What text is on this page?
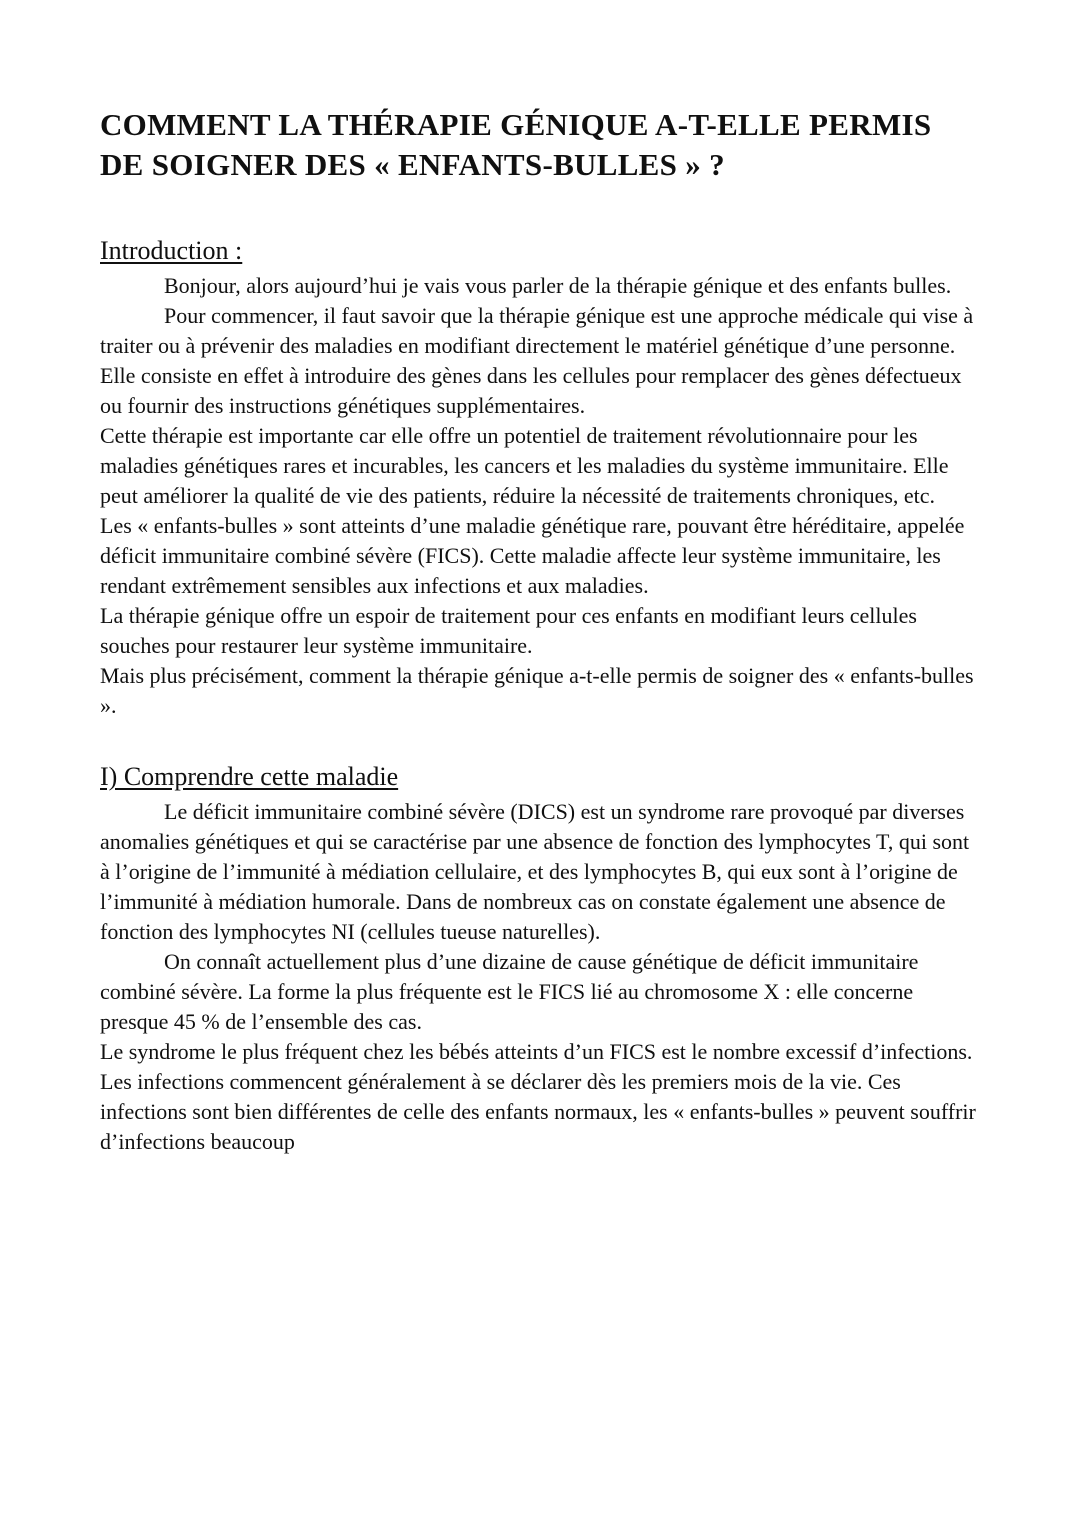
COMMENT LA THÉRAPIE GÉNIQUE A-T-ELLE PERMIS DE SOIGNER DES « ENFANTS-BULLES » ?
Introduction :

Bonjour, alors aujourd’hui je vais vous parler de la thérapie génique et des enfants bulles.

Pour commencer, il faut savoir que la thérapie génique est une approche médicale qui vise à traiter ou à prévenir des maladies en modifiant directement le matériel génétique d’une personne. Elle consiste en effet à introduire des gènes dans les cellules pour remplacer des gènes défectueux ou fournir des instructions génétiques supplémentaires.

Cette thérapie est importante car elle offre un potentiel de traitement révolutionnaire pour les maladies génétiques rares et incurables, les cancers et les maladies du système immunitaire. Elle peut améliorer la qualité de vie des patients, réduire la nécessité de traitements chroniques, etc.

Les « enfants-bulles » sont atteints d’une maladie génétique rare, pouvant être héréditaire, appelée déficit immunitaire combiné sévère (FICS). Cette maladie affecte leur système immunitaire, les rendant extrêmement sensibles aux infections et aux maladies.

La thérapie génique offre un espoir de traitement pour ces enfants en modifiant leurs cellules souches pour restaurer leur système immunitaire.

Mais plus précisément, comment la thérapie génique a-t-elle permis de soigner des « enfants-bulles ».

I) Comprendre cette maladie

Le déficit immunitaire combiné sévère (DICS) est un syndrome rare provoqué par diverses anomalies génétiques et qui se caractérise par une absence de fonction des lymphocytes T, qui sont à l’origine de l’immunité à médiation cellulaire, et des lymphocytes B, qui eux sont à l’origine de l’immunité à médiation humorale. Dans de nombreux cas on constate également une absence de fonction des lymphocytes NI (cellules tueuse naturelles).

On connaît actuellement plus d’une dizaine de cause génétique de déficit immunitaire combiné sévère. La forme la plus fréquente est le FICS lié au chromosome X : elle concerne presque 45 % de l’ensemble des cas.

Le syndrome le plus fréquent chez les bébés atteints d’un FICS est le nombre excessif d’infections. Les infections commencent généralement à se déclarer dès les premiers mois de la vie. Ces infections sont bien différentes de celle des enfants normaux, les « enfants-bulles » peuvent souffrir d’infections beaucoup
